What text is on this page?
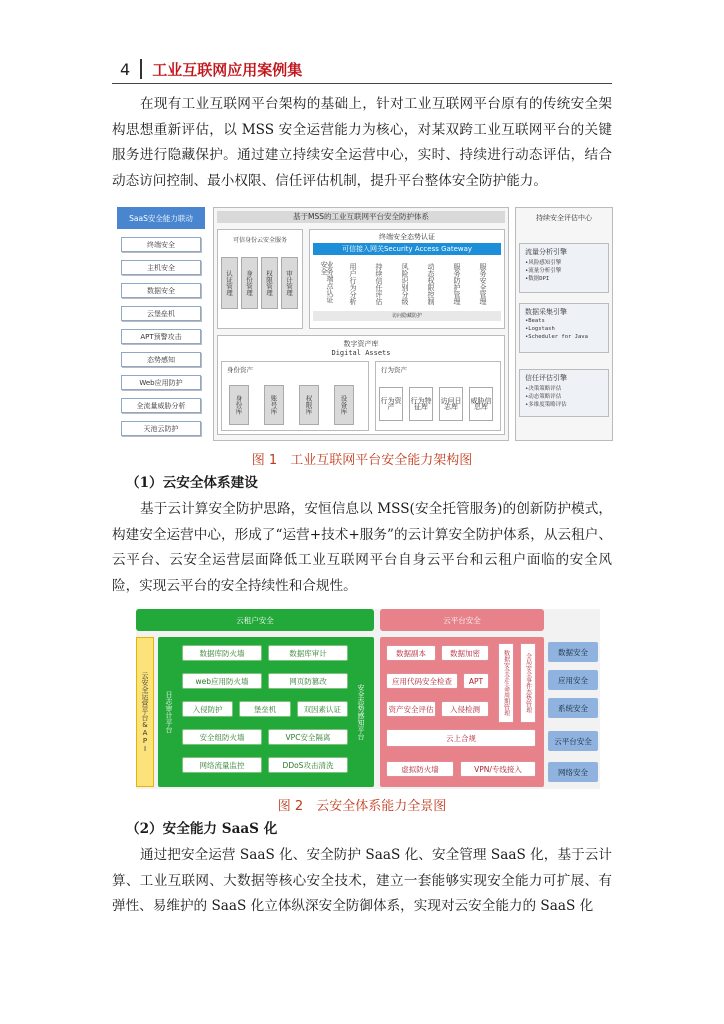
4 工业互联网应用案例集

在现有工业互联网平台架构的基础上，针对工业互联网平台原有的传统安全架构思想重新评估，以 MSS 安全运营能力为核心，对某双跨工业互联网平台的关键服务进行隐藏保护。通过建立持续安全运营中心，实时、持续进行动态评估，结合动态访问控制、最小权限、信任评估机制，提升平台整体安全防护能力。

SaaS安全能力联动
终端安全
主机安全
数据安全
云堡垒机
APT预警攻击
态势感知
Web应用防护
全流量威胁分析
天池云防护
基于MSS的工业互联网平台安全防护体系
可信身份云安全服务
认证管理	身份管理	权限管理	审计管理
终端安全态势认证
可信接入网关Security Access Gateway
业务端点认证安全	用户行为分析	持续信任评估	风险识别分级	动态权限控制	服务防护管理	服务安全管理
访问隐藏防护
数字资产库
Digital Assets
身份资产	行为资产
身份库	账号库	权限库	设备库	行为资产
行为特征库
访问日志库
威胁信息库
持续安全评估中心
流量分析引擎
•风险感知引擎
•流量分析引擎
•数据DPI
数据采集引擎
•Beats
•Logstash
•Scheduler for Java
信任评估引擎
•决策策略评估
•动态策略评估
•多维度策略评估
图 1　工业互联网平台安全能力架构图
（1）云安全体系建设

基于云计算安全防护思路，安恒信息以 MSS(安全托管服务)的创新防护模式，构建安全运营中心，形成了“运营+技术+服务”的云计算安全防护体系，从云租户、云平台、云安全运营层面降低工业互联网平台自身云平台和云租户面临的安全风险，实现云平台的安全持续性和合规性。

云租户安全	云平台安全
云安全运营平台&API	日志审计平台	安全态势感知平台
数据库防火墙	数据库审计
web应用防火墙	网页防篡改
入侵防护	堡垒机	双因素认证
安全组防火墙	VPC安全隔离
网络流量监控	DDoS攻击清洗
数据副本	数据加密
应用代码安全检查	APT
资产安全评估	入侵检测	数据安全全生命周期管理	全局安全事件态势管理
云上合规
虚拟防火墙	VPN/专线接入
数据安全
应用安全
系统安全
云平台安全
网络安全
图 2　云安全体系能力全景图
（2）安全能力 SaaS 化

通过把安全运营 SaaS 化、安全防护 SaaS 化、安全管理 SaaS 化，基于云计算、工业互联网、大数据等核心安全技术，建立一套能够实现安全能力可扩展、有弹性、易维护的 SaaS 化立体纵深安全防御体系，实现对云安全能力的 SaaS 化
